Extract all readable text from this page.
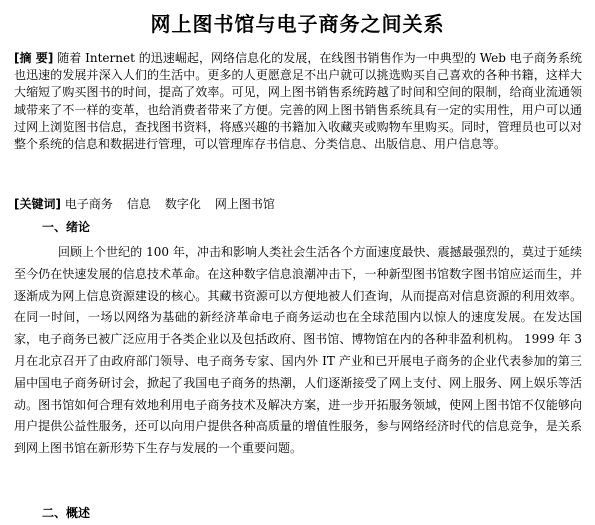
网上图书馆与电子商务之间关系
[摘 要] 随着 Internet 的迅速崛起，网络信息化的发展，在线图书销售作为一中典型的 Web 电子商务系统也迅速的发展并深入人们的生活中。更多的人更愿意足不出户就可以挑选购买自己喜欢的各种书籍，这样大大缩短了购买图书的时间，提高了效率。可见，网上图书销售系统跨越了时间和空间的限制，给商业流通领域带来了不一样的变革，也给消费者带来了方便。完善的网上图书销售系统具有一定的实用性，用户可以通过网上浏览图书信息，查找图书资料，将感兴趣的书籍加入收藏夹或购物车里购买。同时，管理员也可以对整个系统的信息和数据进行管理，可以管理库存书信息、分类信息、出版信息、用户信息等。
[关键词] 电子商务 信息 数字化 网上图书馆
一、绪论
回顾上个世纪的 100 年，冲击和影响人类社会生活各个方面速度最快、震撼最强烈的，莫过于延续至今仍在快速发展的信息技术革命。在这种数字信息浪潮冲击下，一种新型图书馆数字图书馆应运而生，并逐渐成为网上信息资源建设的核心。其藏书资源可以方便地被人们查询，从而提高对信息资源的利用效率。在同一时间，一场以网络为基础的新经济革命电子商务运动也在全球范围内以惊人的速度发展。在发达国家，电子商务已被广泛应用于各类企业以及包括政府、图书馆、博物馆在内的各种非盈利机构。 1999 年 3 月在北京召开了由政府部门领导、电子商务专家、国内外 IT 产业和已开展电子商务的企业代表参加的第三届中国电子商务研讨会，掀起了我国电子商务的热潮，人们逐渐接受了网上支付、网上服务、网上娱乐等活动。图书馆如何合理有效地利用电子商务技术及解决方案，进一步开拓服务领域，使网上图书馆不仅能够向用户提供公益性服务，还可以向用户提供各种高质量的增值性服务，参与网络经济时代的信息竞争，是关系到网上图书馆在新形势下生存与发展的一个重要问题。
二、概述
